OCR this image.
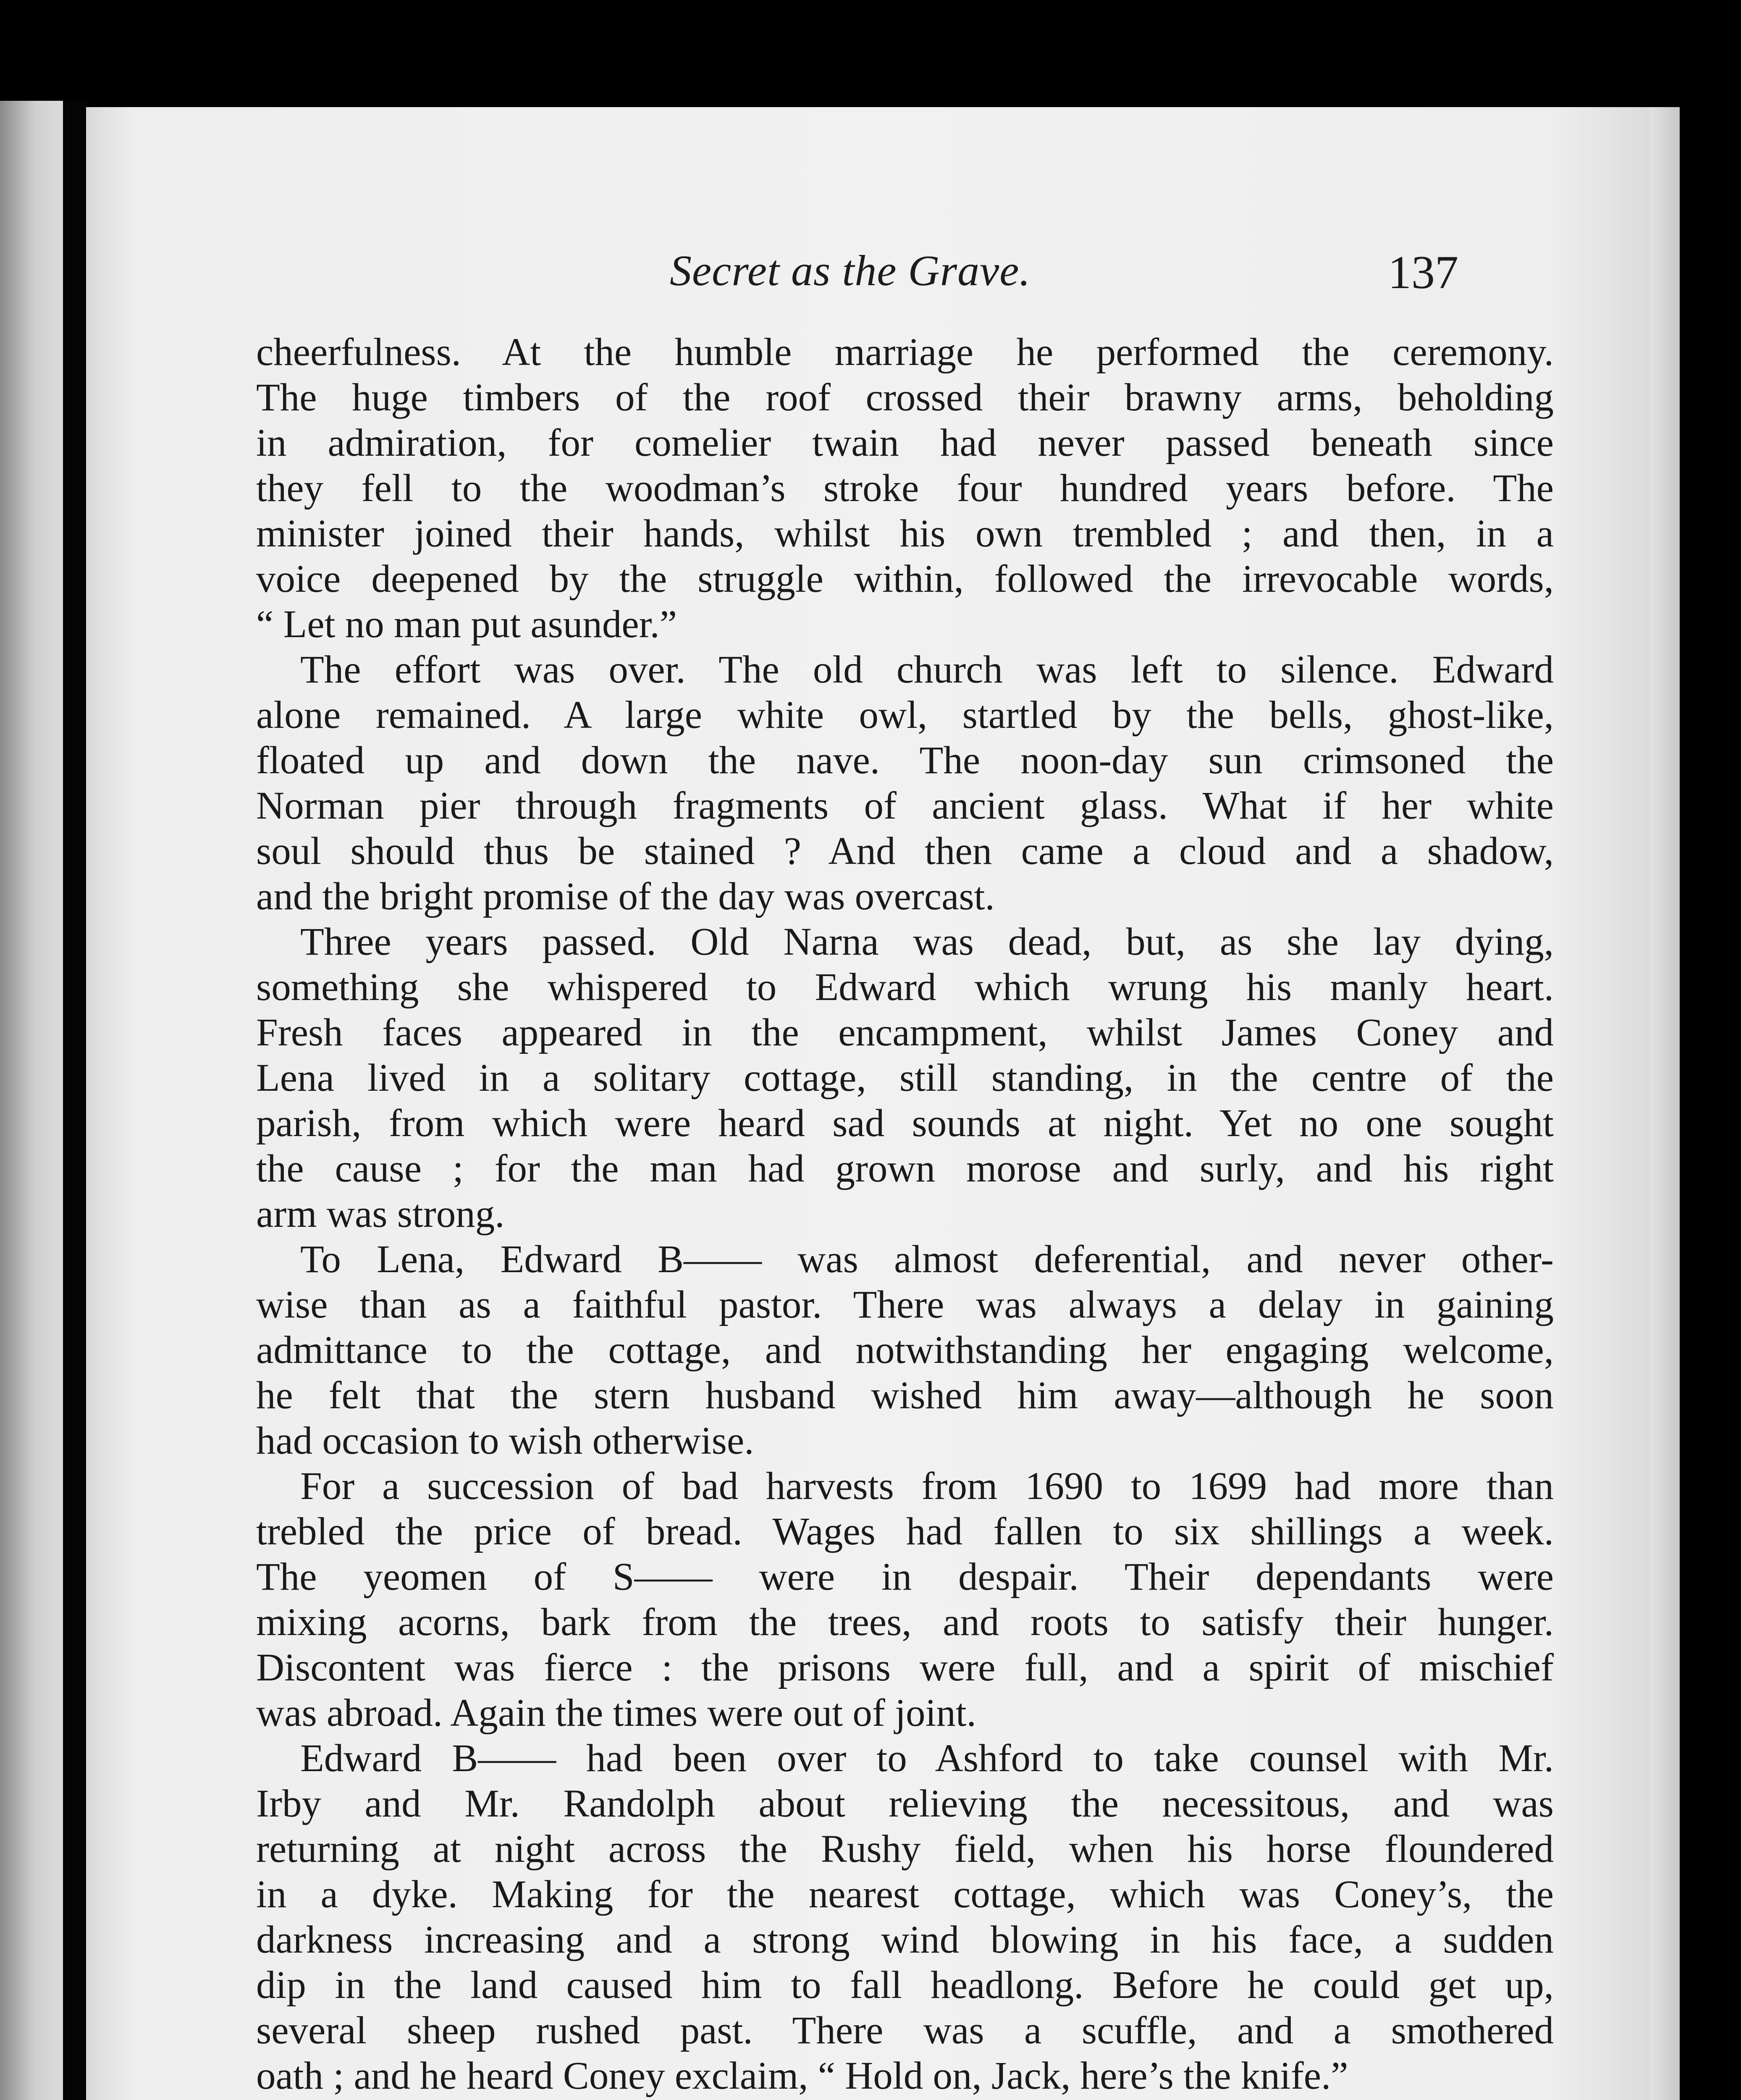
Secret as the Grave.	137
cheerfulness. At the humble marriage he performed the ceremony.
The huge timbers of the roof crossed their brawny arms, beholding
in admiration, for comelier twain had never passed beneath since
they fell to the woodman’s stroke four hundred years before. The
minister joined their hands, whilst his own trembled ; and then, in a
voice deepened by the struggle within, followed the irrevocable words,
“ Let no man put asunder.”
The effort was over. The old church was left to silence. Edward
alone remained. A large white owl, startled by the bells, ghost-like,
floated up and down the nave. The noon-day sun crimsoned the
Norman pier through fragments of ancient glass. What if her white
soul should thus be stained ? And then came a cloud and a shadow,
and the bright promise of the day was overcast.
Three years passed. Old Narna was dead, but, as she lay dying,
something she whispered to Edward which wrung his manly heart.
Fresh faces appeared in the encampment, whilst James Coney and
Lena lived in a solitary cottage, still standing, in the centre of the
parish, from which were heard sad sounds at night. Yet no one sought
the cause ; for the man had grown morose and surly, and his right
arm was strong.
To Lena, Edward B—— was almost deferential, and never other-
wise than as a faithful pastor. There was always a delay in gaining
admittance to the cottage, and notwithstanding her engaging welcome,
he felt that the stern husband wished him away—although he soon
had occasion to wish otherwise.
For a succession of bad harvests from 1690 to 1699 had more than
trebled the price of bread. Wages had fallen to six shillings a week.
The yeomen of S—— were in despair. Their dependants were
mixing acorns, bark from the trees, and roots to satisfy their hunger.
Discontent was fierce : the prisons were full, and a spirit of mischief
was abroad. Again the times were out of joint.
Edward B—— had been over to Ashford to take counsel with Mr.
Irby and Mr. Randolph about relieving the necessitous, and was
returning at night across the Rushy field, when his horse floundered
in a dyke. Making for the nearest cottage, which was Coney’s, the
darkness increasing and a strong wind blowing in his face, a sudden
dip in the land caused him to fall headlong. Before he could get up,
several sheep rushed past. There was a scuffle, and a smothered
oath ; and he heard Coney exclaim, “ Hold on, Jack, here’s the knife.”
